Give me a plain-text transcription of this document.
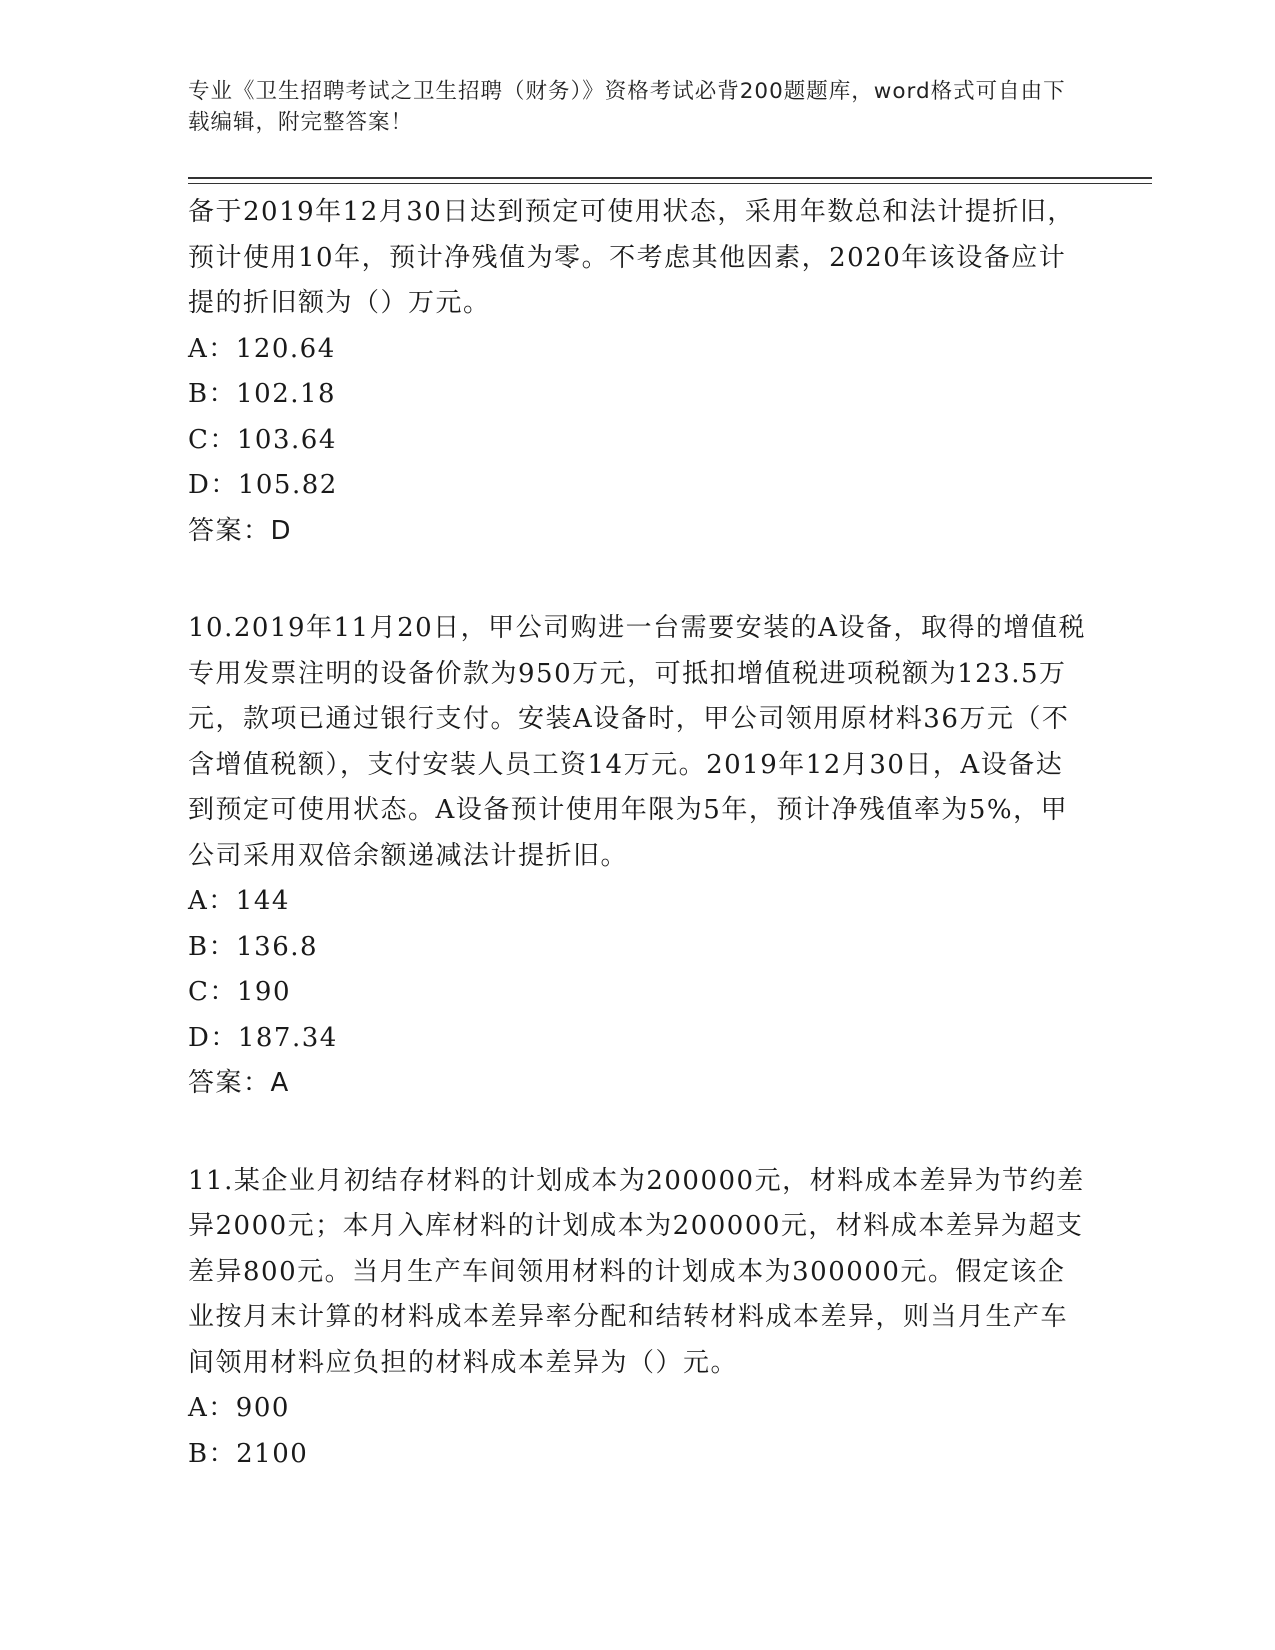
专业《卫生招聘考试之卫生招聘（财务）》资格考试必背200题题库，word格式可自由下载编辑，附完整答案！

备于2019年12月30日达到预定可使用状态，采用年数总和法计提折旧，预计使用10年，预计净残值为零。不考虑其他因素，2020年该设备应计提的折旧额为（）万元。

A：120.64

B：102.18

C：103.64

D：105.82

答案：D

10.2019年11月20日，甲公司购进一台需要安装的A设备，取得的增值税专用发票注明的设备价款为950万元，可抵扣增值税进项税额为123.5万元，款项已通过银行支付。安装A设备时，甲公司领用原材料36万元（不含增值税额），支付安装人员工资14万元。2019年12月30日，A设备达到预定可使用状态。A设备预计使用年限为5年，预计净残值率为5%，甲公司采用双倍余额递减法计提折旧。

A：144

B：136.8

C：190

D：187.34

答案：A

11.某企业月初结存材料的计划成本为200000元，材料成本差异为节约差异2000元；本月入库材料的计划成本为200000元，材料成本差异为超支差异800元。当月生产车间领用材料的计划成本为300000元。假定该企业按月末计算的材料成本差异率分配和结转材料成本差异，则当月生产车间领用材料应负担的材料成本差异为（）元。

A：900

B：2100
